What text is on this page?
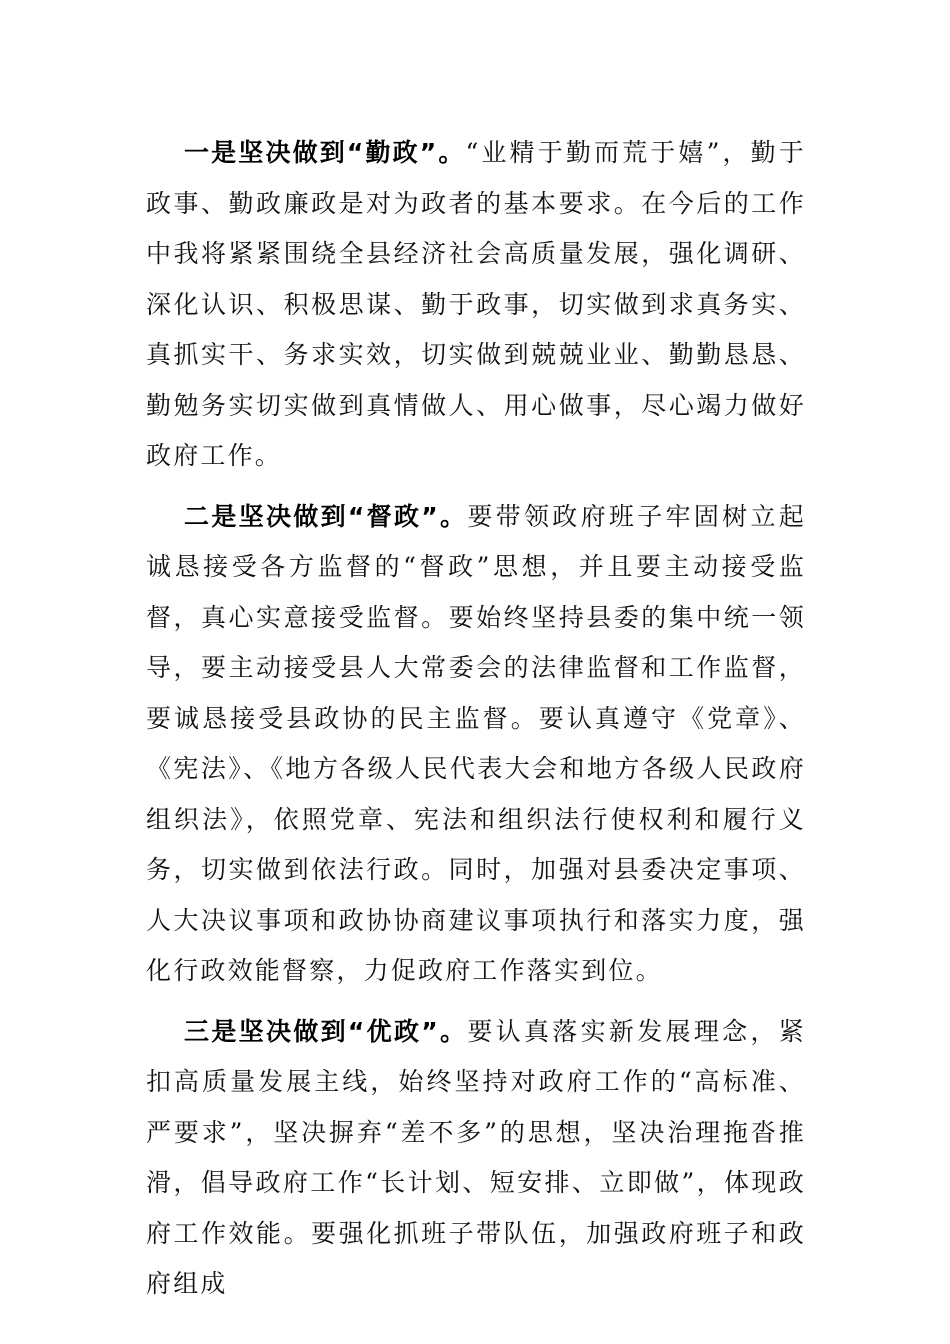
一是坚决做到“勤政”。“业精于勤而荒于嬉”，勤于政事、勤政廉政是对为政者的基本要求。在今后的工作中我将紧紧围绕全县经济社会高质量发展，强化调研、深化认识、积极思谋、勤于政事，切实做到求真务实、真抓实干、务求实效，切实做到兢兢业业、勤勤恳恳、勤勉务实切实做到真情做人、用心做事，尽心竭力做好政府工作。

二是坚决做到“督政”。要带领政府班子牢固树立起诚恳接受各方监督的“督政”思想，并且要主动接受监督，真心实意接受监督。要始终坚持县委的集中统一领导，要主动接受县人大常委会的法律监督和工作监督，要诚恳接受县政协的民主监督。要认真遵守《党章》、《宪法》、《地方各级人民代表大会和地方各级人民政府组织法》，依照党章、宪法和组织法行使权利和履行义务，切实做到依法行政。同时，加强对县委决定事项、人大决议事项和政协协商建议事项执行和落实力度，强化行政效能督察，力促政府工作落实到位。

三是坚决做到“优政”。要认真落实新发展理念，紧扣高质量发展主线，始终坚持对政府工作的“高标准、严要求”，坚决摒弃“差不多”的思想，坚决治理拖沓推滑，倡导政府工作“长计划、短安排、立即做”，体现政府工作效能。要强化抓班子带队伍，加强政府班子和政府组成
